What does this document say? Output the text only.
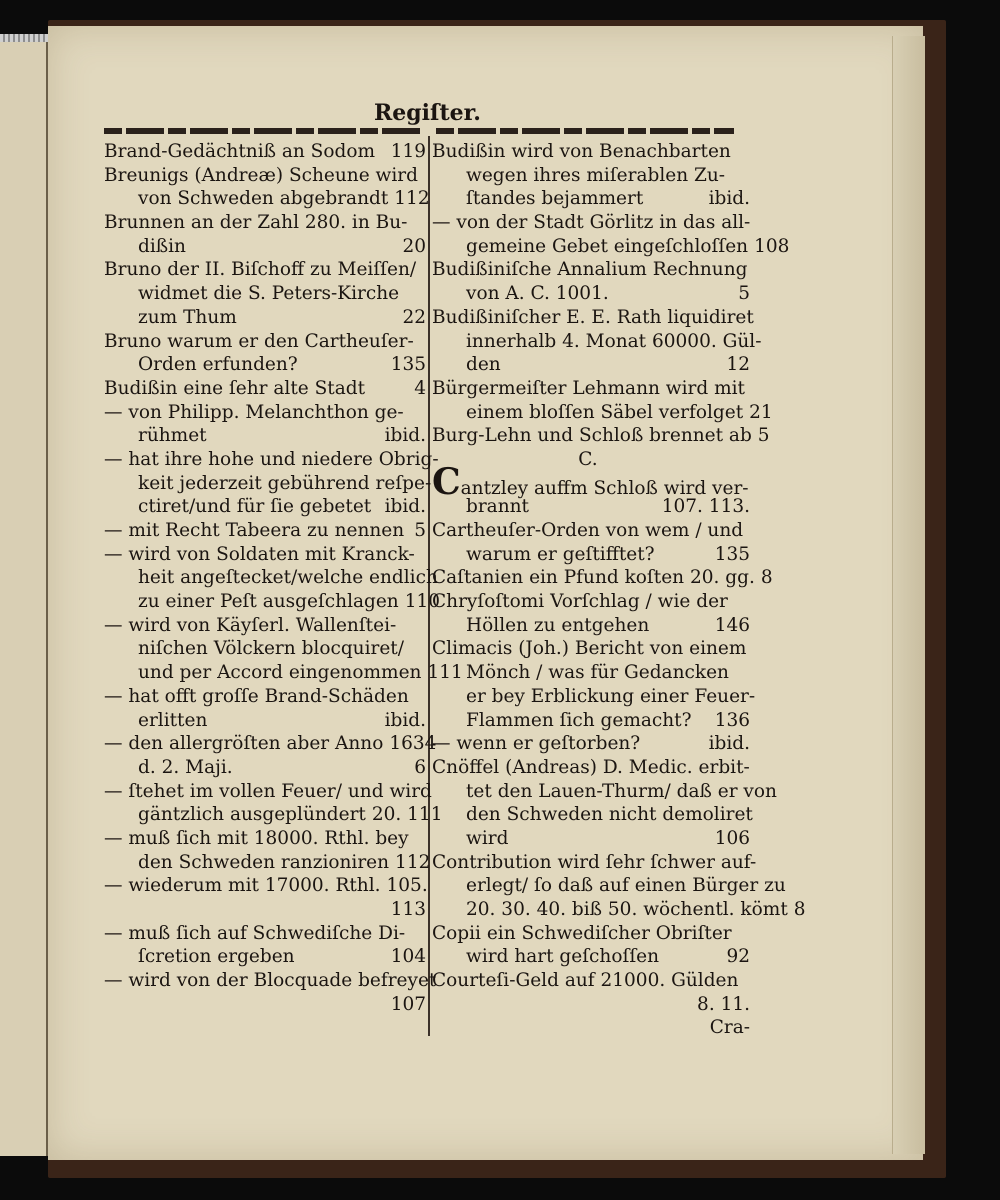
Regiſter.
Brand-Gedächtniß an Sodom 119
Breunigs (Andreæ) Scheune wird
von Schweden abgebrandt 112
Brunnen an der Zahl 280. in Bu-
dißin	20
Bruno der II. Biſchoff zu Meiſſen/
widmet die S. Peters-Kirche
zum Thum	22
Bruno warum er den Cartheuſer-
Orden erfunden?	135
Budißin eine ſehr alte Stadt	4
— von Philipp. Melanchthon ge-
rühmet	ibid.
— hat ihre hohe und niedere Obrig-
keit jederzeit gebührend reſpe-
ctiret/und für ſie gebetet ibid.
— mit Recht Tabeera zu nennen 5
— wird von Soldaten mit Kranck-
heit angeſtecket/welche endlich
zu einer Peſt ausgeſchlagen 110
— wird von Käyſerl. Wallenſtei-
niſchen Völckern blocquiret/
und per Accord eingenommen 111
— hat offt groſſe Brand-Schäden
erlitten	ibid.
— den allergröſten aber Anno 1634
d. 2. Maji.	6
— ſtehet im vollen Feuer/ und wird
gäntzlich ausgeplündert 20. 111
— muß ſich mit 18000. Rthl. bey
den Schweden ranzioniren 112
— wiederum mit 17000. Rthl. 105.
113
— muß ſich auf Schwediſche Di-
ſcretion ergeben	104
— wird von der Blocquade befreyet
107
Budißin wird von Benachbarten
wegen ihres miſerablen Zu-
ſtandes bejammert	ibid.
— von der Stadt Görlitz in das all-
gemeine Gebet eingeſchloſſen 108
Budißiniſche Annalium Rechnung
von A. C. 1001.	5
Budißiniſcher E. E. Rath liquidiret
innerhalb 4. Monat 60000. Gül-
den	12
Bürgermeiſter Lehmann wird mit
einem bloſſen Säbel verfolget 21
Burg-Lehn und Schloß brennet ab 5
C.
Cantzley auffm Schloß wird ver-
brannt	107. 113.
Cartheuſer-Orden von wem / und
warum er geſtifftet?	135
Caſtanien ein Pfund koſten 20. gg. 8
Chryſoſtomi Vorſchlag / wie der
Höllen zu entgehen	146
Climacis (Joh.) Bericht von einem
Mönch / was für Gedancken
er bey Erblickung einer Feuer-
Flammen ſich gemacht?	136
— wenn er geſtorben?	ibid.
Cnöffel (Andreas) D. Medic. erbit-
tet den Lauen-Thurm/ daß er von
den Schweden nicht demoliret
wird	106
Contribution wird ſehr ſchwer auf-
erlegt/ ſo daß auf einen Bürger zu
20. 30. 40. biß 50. wöchentl. kömt 8
Copii ein Schwediſcher Obriſter
wird hart geſchoſſen	92
Courteſi-Geld auf 21000. Gülden
8. 11.
Cra-
